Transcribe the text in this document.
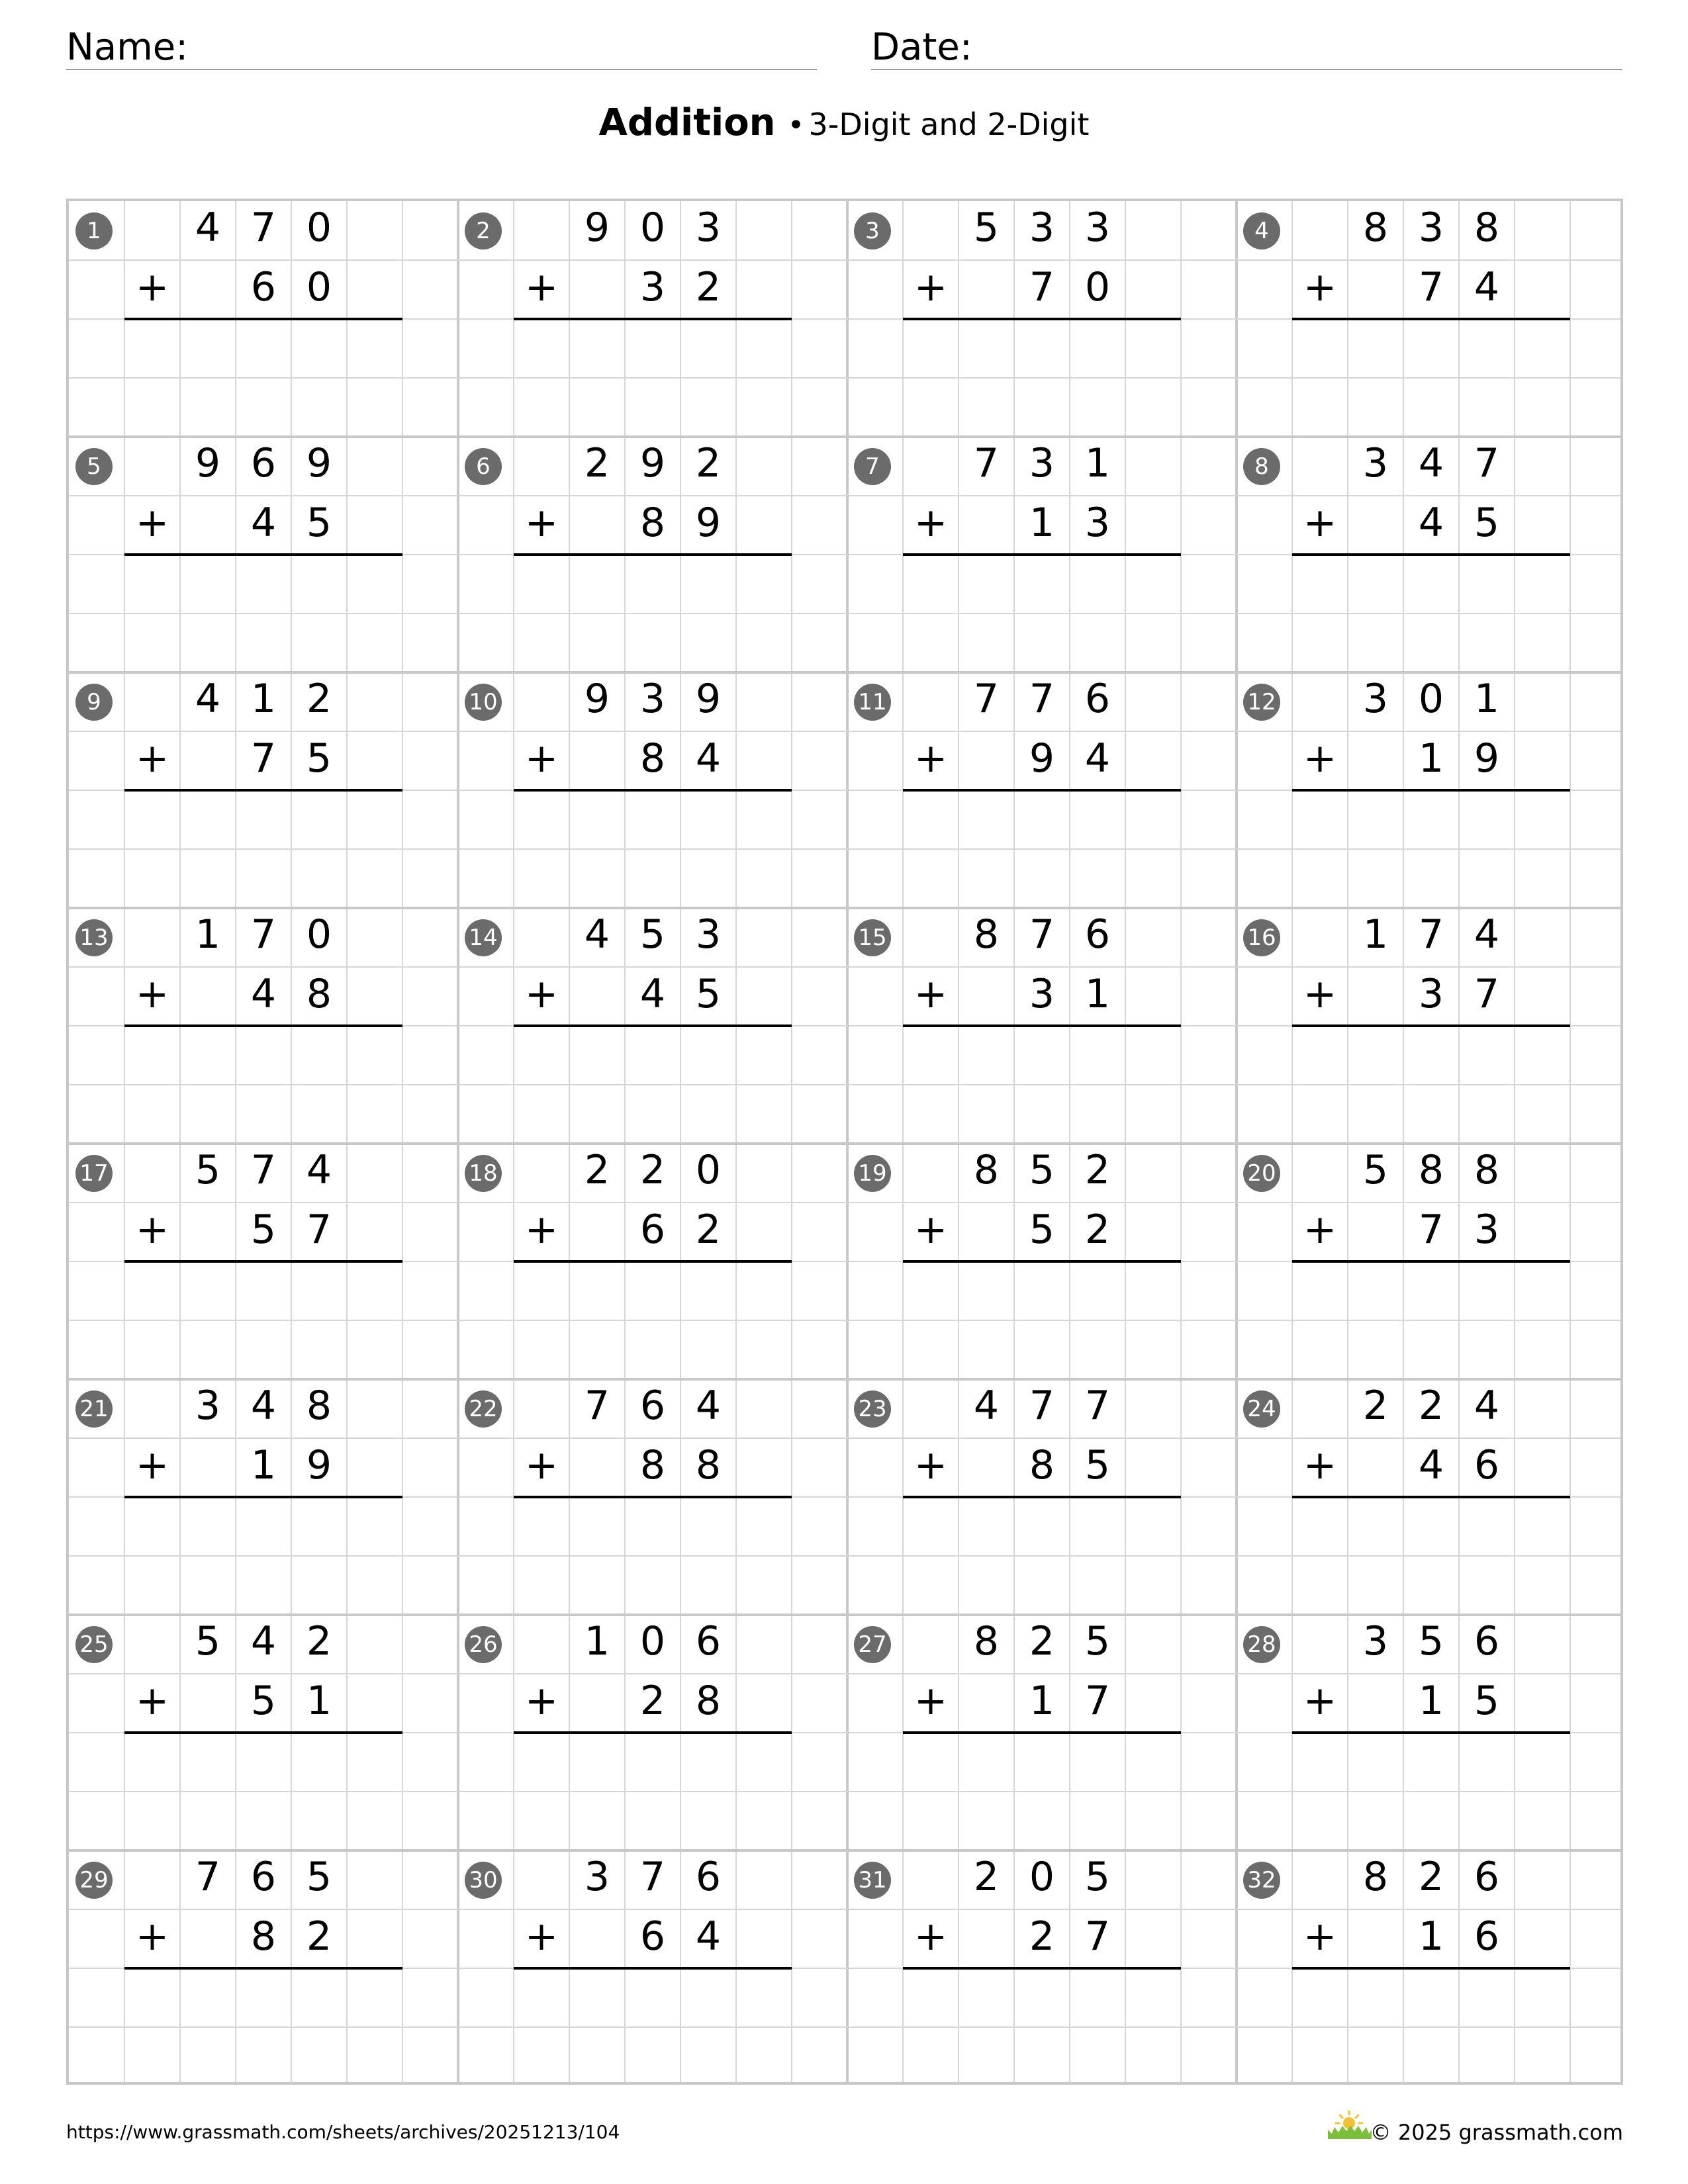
Name:	Date:
Addition • 3-Digit and 2-Digit
1	4 7 0
+	6 0
2	9 0 3
+	3 2
3	5 3 3
+	7 0
4	8 3 8
+	7 4
5	9 6 9
+	4 5
6	2 9 2
+	8 9
7	7 3 1
+	1 3
8	3 4 7
+	4 5
9	4 1 2
+	7 5
10	9 3 9
+	8 4
11	7 7 6
+	9 4
12	3 0 1
+	1 9
13	1 7 0
+	4 8
14	4 5 3
+	4 5
15	8 7 6
+	3 1
16	1 7 4
+	3 7
17	5 7 4
+	5 7
18	2 2 0
+	6 2
19	8 5 2
+	5 2
20	5 8 8
+	7 3
21	3 4 8
+	1 9
22	7 6 4
+	8 8
23	4 7 7
+	8 5
24	2 2 4
+	4 6
25	5 4 2
+	5 1
26	1 0 6
+	2 8
27	8 2 5
+	1 7
28	3 5 6
+	1 5
29	7 6 5
+	8 2
30	3 7 6
+	6 4
31	2 0 5
+	2 7
32	8 2 6
+	1 6
https://www.grassmath.com/sheets/archives/20251213/104	© 2025 grassmath.com
